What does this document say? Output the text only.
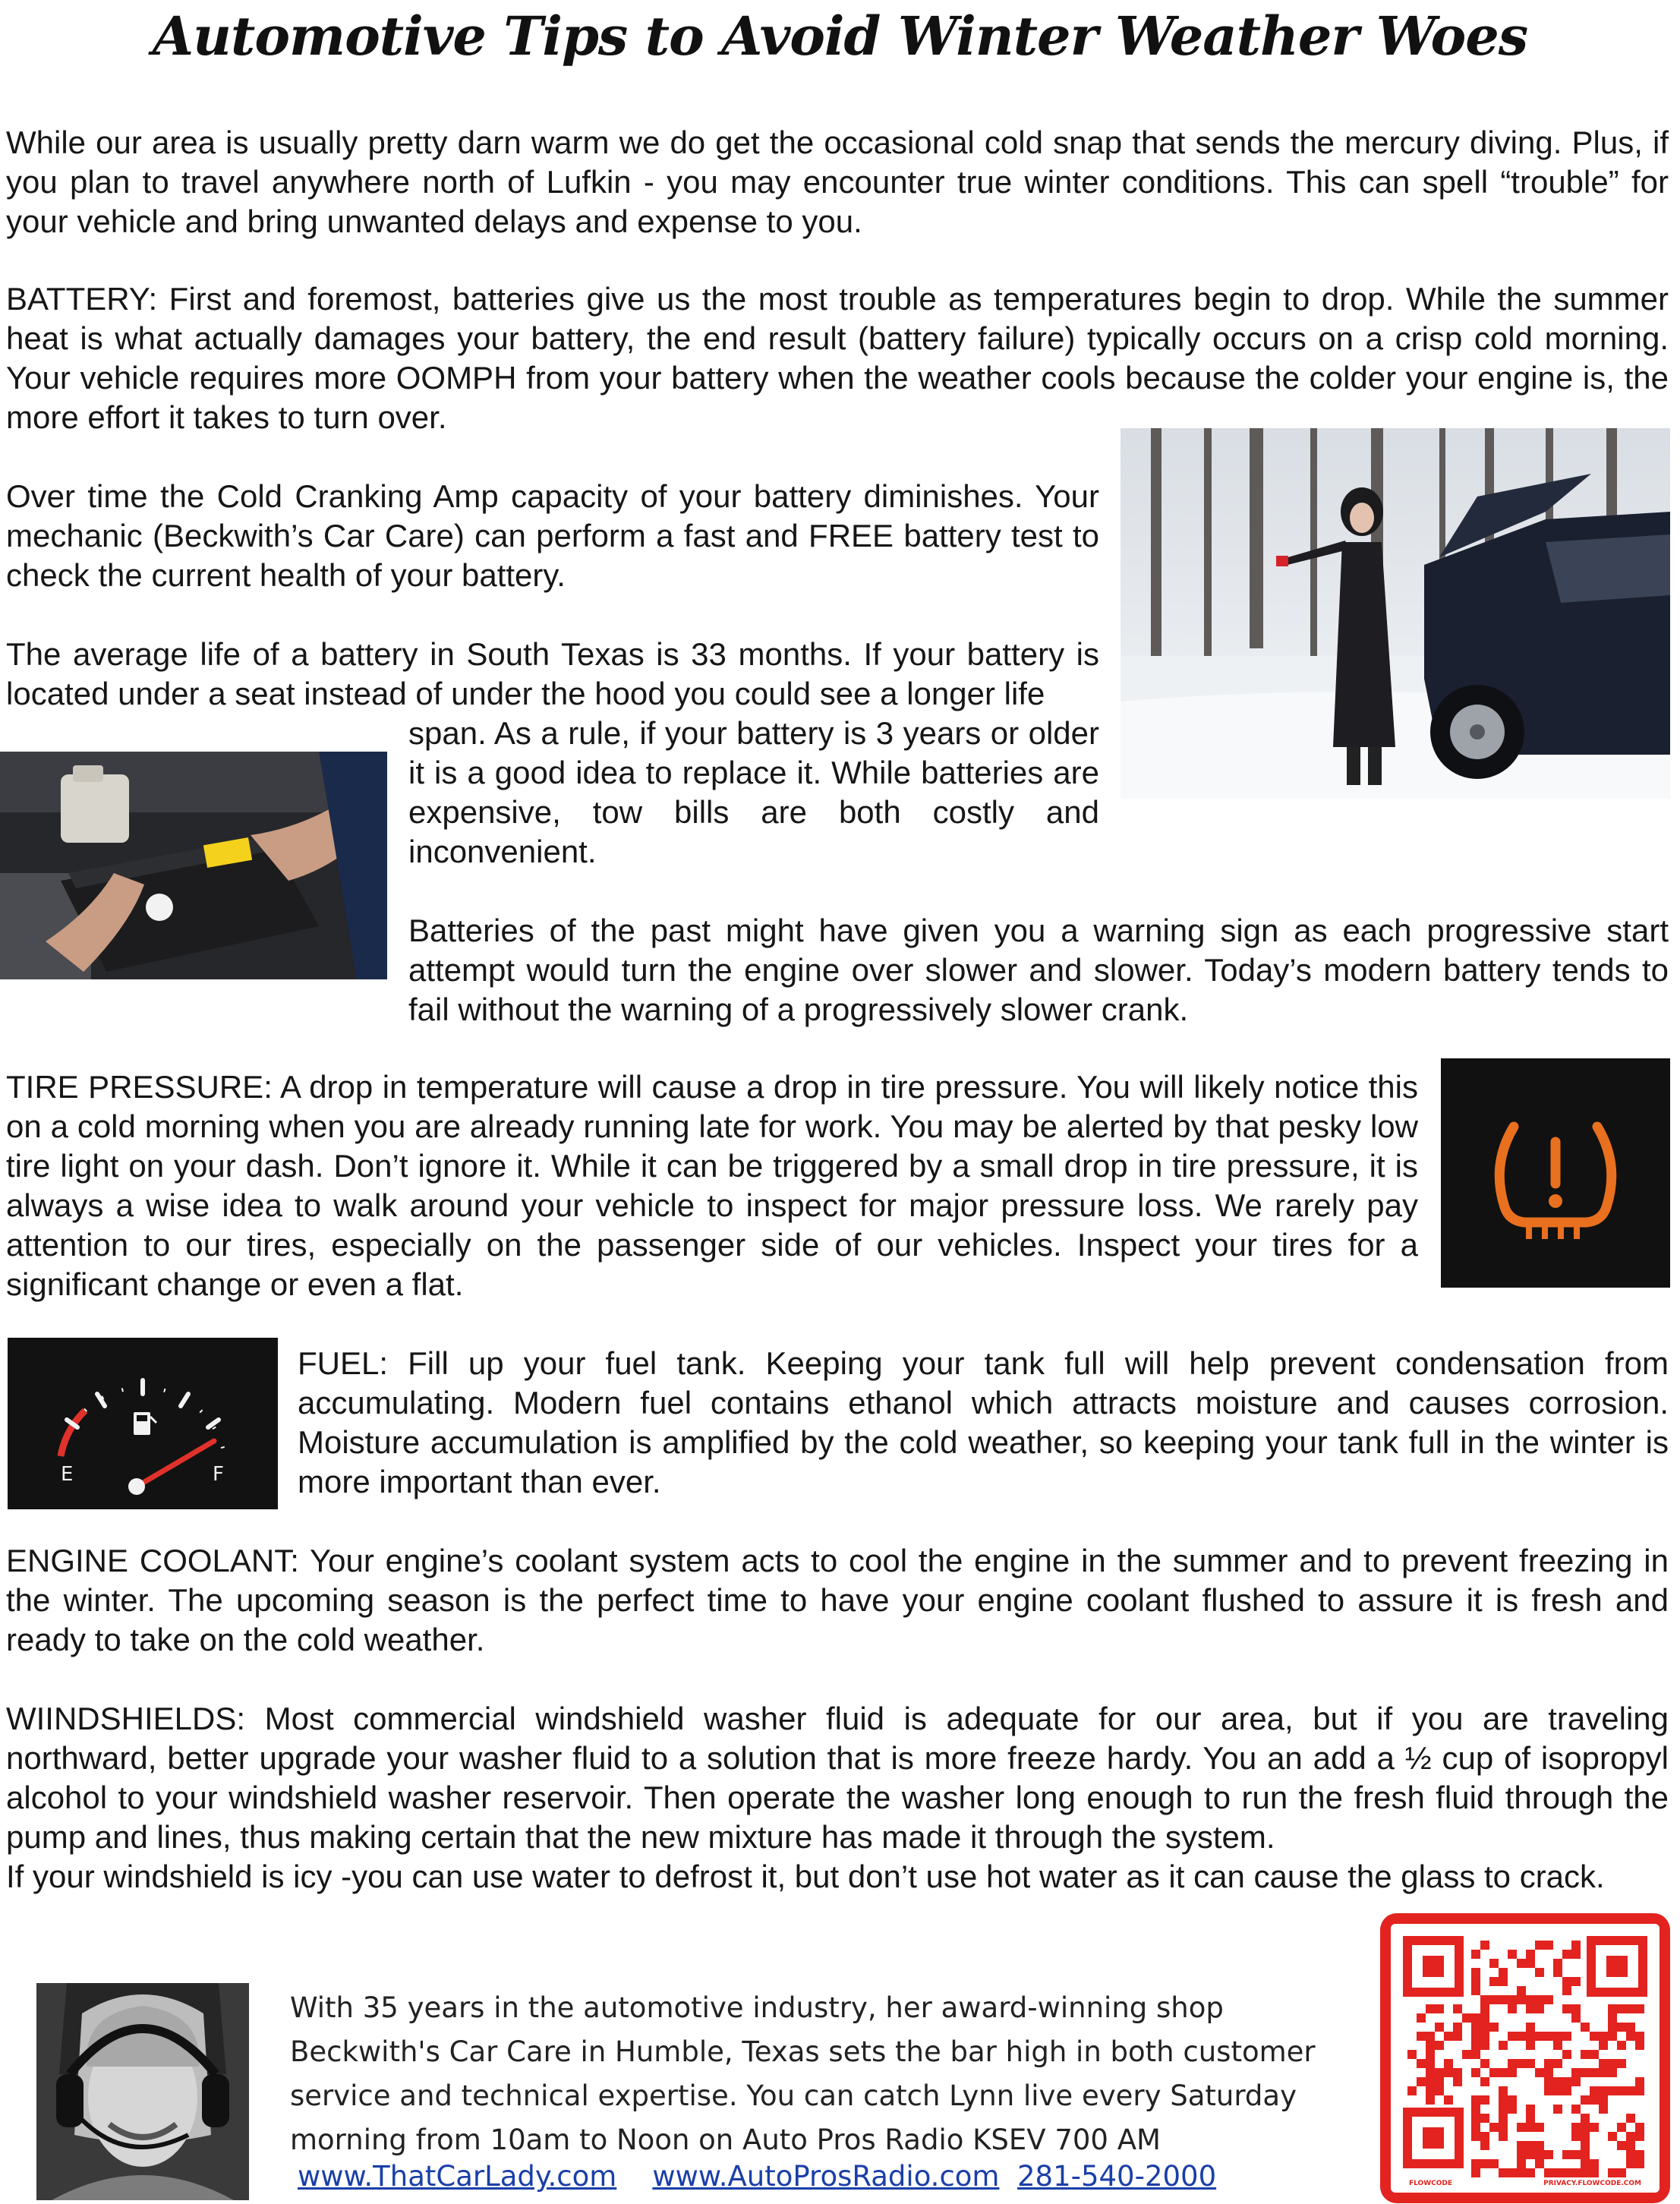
Automotive Tips to Avoid Winter Weather Woes
While our area is usually pretty darn warm we do get the occasional cold snap that sends the mercury diving. Plus, if you plan to travel anywhere north of Lufkin - you may encounter true winter conditions. This can spell “trouble” for your vehicle and bring unwanted delays and expense to you.
BATTERY: First and foremost, batteries give us the most trouble as temperatures begin to drop. While the summer heat is what actually damages your battery, the end result (battery failure) typically occurs on a crisp cold morning. Your vehicle requires more OOMPH from your battery when the weather cools because the colder your engine is, the more effort it takes to turn over.
Over time the Cold Cranking Amp capacity of your battery diminishes. Your mechanic (Beckwith’s Car Care) can perform a fast and FREE battery test to check the current health of your battery.
The average life of a battery in South Texas is 33 months. If your battery is located under a seat instead of under the hood you could see a longer life
span. As a rule, if your battery is 3 years or older it is a good idea to replace it. While batteries are expensive, tow bills are both costly and inconvenient.
Batteries of the past might have given you a warning sign as each progressive start attempt would turn the engine over slower and slower. Today’s modern battery tends to fail without the warning of a progressively slower crank.
TIRE PRESSURE: A drop in temperature will cause a drop in tire pressure. You will likely notice this on a cold morning when you are already running late for work. You may be alerted by that pesky low tire light on your dash. Don’t ignore it. While it can be triggered by a small drop in tire pressure, it is always a wise idea to walk around your vehicle to inspect for major pressure loss. We rarely pay attention to our tires, especially on the passenger side of our vehicles. Inspect your tires for a significant change or even a flat.
E	F
FUEL: Fill up your fuel tank. Keeping your tank full will help prevent condensation from accumulating. Modern fuel contains ethanol which attracts moisture and causes corrosion. Moisture accumulation is amplified by the cold weather, so keeping your tank full in the winter is more important than ever.
ENGINE COOLANT: Your engine’s coolant system acts to cool the engine in the summer and to prevent freezing in the winter. The upcoming season is the perfect time to have your engine coolant flushed to assure it is fresh and ready to take on the cold weather.
WIINDSHIELDS: Most commercial windshield washer fluid is adequate for our area, but if you are traveling northward, better upgrade your washer fluid to a solution that is more freeze hardy. You an add a ½ cup of isopropyl alcohol to your windshield washer reservoir. Then operate the washer long enough to run the fresh fluid through the pump and lines, thus making certain that the new mixture has made it through the system.
If your windshield is icy -you can use water to defrost it, but don’t use hot water as it can cause the glass to crack.
With 35 years in the automotive industry, her award-winning shop
Beckwith's Car Care in Humble, Texas sets the bar high in both customer
service and technical expertise. You can catch Lynn live every Saturday
morning from 10am to Noon on Auto Pros Radio KSEV 700 AM
www.ThatCarLady.com www.AutoProsRadio.com 281-540-2000	FLOWCODE	PRIVACY.FLOWCODE.COM
